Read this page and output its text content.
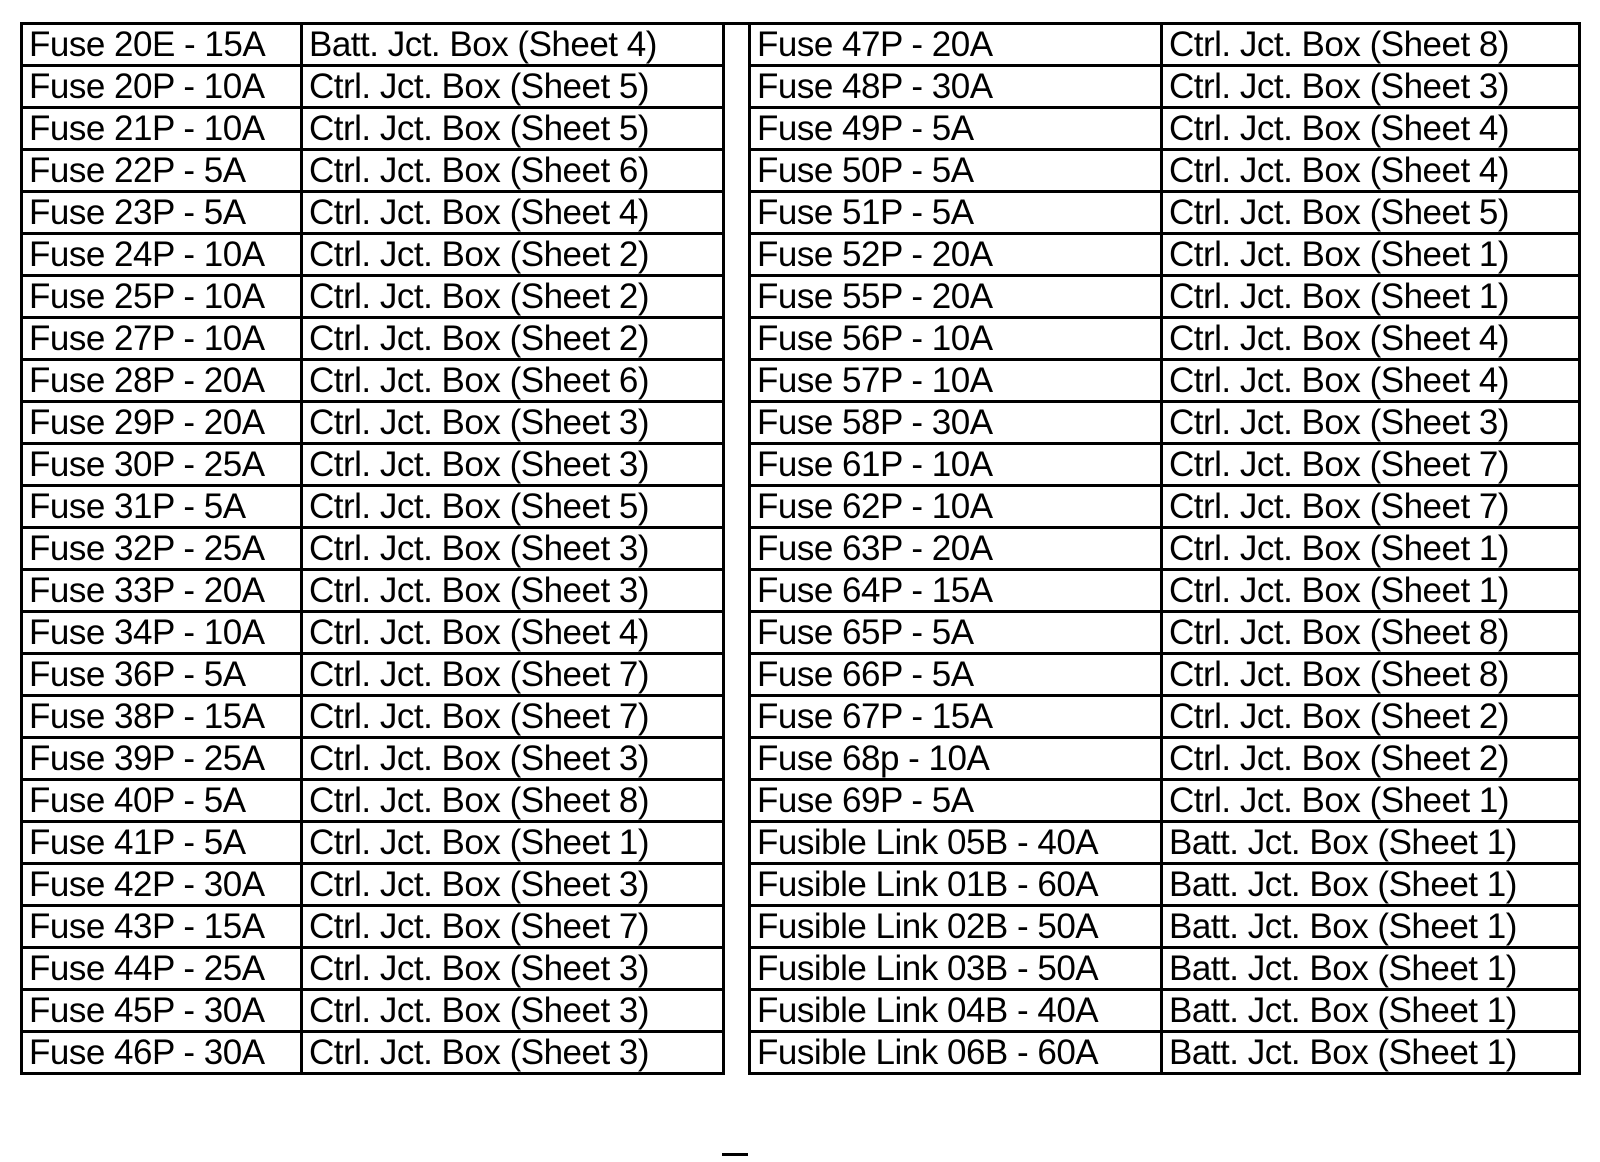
Fuse 20E - 15A	Batt. Jct. Box (Sheet 4)
Fuse 20P - 10A	Ctrl. Jct. Box (Sheet 5)
Fuse 21P - 10A	Ctrl. Jct. Box (Sheet 5)
Fuse 22P - 5A	Ctrl. Jct. Box (Sheet 6)
Fuse 23P - 5A	Ctrl. Jct. Box (Sheet 4)
Fuse 24P - 10A	Ctrl. Jct. Box (Sheet 2)
Fuse 25P - 10A	Ctrl. Jct. Box (Sheet 2)
Fuse 27P - 10A	Ctrl. Jct. Box (Sheet 2)
Fuse 28P - 20A	Ctrl. Jct. Box (Sheet 6)
Fuse 29P - 20A	Ctrl. Jct. Box (Sheet 3)
Fuse 30P - 25A	Ctrl. Jct. Box (Sheet 3)
Fuse 31P - 5A	Ctrl. Jct. Box (Sheet 5)
Fuse 32P - 25A	Ctrl. Jct. Box (Sheet 3)
Fuse 33P - 20A	Ctrl. Jct. Box (Sheet 3)
Fuse 34P - 10A	Ctrl. Jct. Box (Sheet 4)
Fuse 36P - 5A	Ctrl. Jct. Box (Sheet 7)
Fuse 38P - 15A	Ctrl. Jct. Box (Sheet 7)
Fuse 39P - 25A	Ctrl. Jct. Box (Sheet 3)
Fuse 40P - 5A	Ctrl. Jct. Box (Sheet 8)
Fuse 41P - 5A	Ctrl. Jct. Box (Sheet 1)
Fuse 42P - 30A	Ctrl. Jct. Box (Sheet 3)
Fuse 43P - 15A	Ctrl. Jct. Box (Sheet 7)
Fuse 44P - 25A	Ctrl. Jct. Box (Sheet 3)
Fuse 45P - 30A	Ctrl. Jct. Box (Sheet 3)
Fuse 46P - 30A	Ctrl. Jct. Box (Sheet 3)
Fuse 47P - 20A	Ctrl. Jct. Box (Sheet 8)
Fuse 48P - 30A	Ctrl. Jct. Box (Sheet 3)
Fuse 49P - 5A	Ctrl. Jct. Box (Sheet 4)
Fuse 50P - 5A	Ctrl. Jct. Box (Sheet 4)
Fuse 51P - 5A	Ctrl. Jct. Box (Sheet 5)
Fuse 52P - 20A	Ctrl. Jct. Box (Sheet 1)
Fuse 55P - 20A	Ctrl. Jct. Box (Sheet 1)
Fuse 56P - 10A	Ctrl. Jct. Box (Sheet 4)
Fuse 57P - 10A	Ctrl. Jct. Box (Sheet 4)
Fuse 58P - 30A	Ctrl. Jct. Box (Sheet 3)
Fuse 61P - 10A	Ctrl. Jct. Box (Sheet 7)
Fuse 62P - 10A	Ctrl. Jct. Box (Sheet 7)
Fuse 63P - 20A	Ctrl. Jct. Box (Sheet 1)
Fuse 64P - 15A	Ctrl. Jct. Box (Sheet 1)
Fuse 65P - 5A	Ctrl. Jct. Box (Sheet 8)
Fuse 66P - 5A	Ctrl. Jct. Box (Sheet 8)
Fuse 67P - 15A	Ctrl. Jct. Box (Sheet 2)
Fuse 68p - 10A	Ctrl. Jct. Box (Sheet 2)
Fuse 69P - 5A	Ctrl. Jct. Box (Sheet 1)
Fusible Link 05B - 40A	Batt. Jct. Box (Sheet 1)
Fusible Link 01B - 60A	Batt. Jct. Box (Sheet 1)
Fusible Link 02B - 50A	Batt. Jct. Box (Sheet 1)
Fusible Link 03B - 50A	Batt. Jct. Box (Sheet 1)
Fusible Link 04B - 40A	Batt. Jct. Box (Sheet 1)
Fusible Link 06B - 60A	Batt. Jct. Box (Sheet 1)
